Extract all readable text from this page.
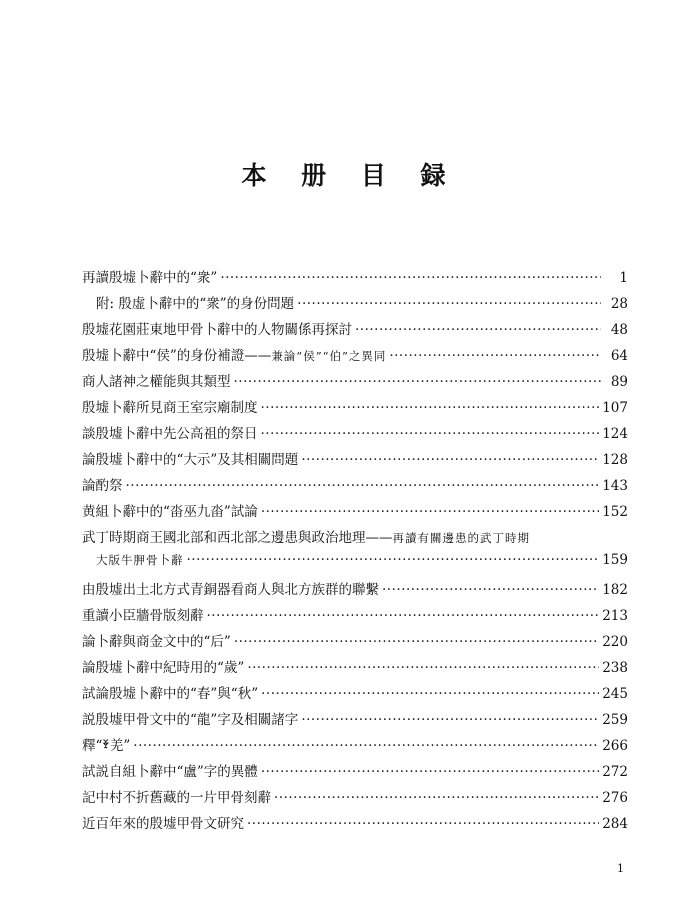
本 册 目 録
再讀殷墟卜辭中的“衆” ·····	1
附: 殷虚卜辭中的“衆”的身份問題 ·····	28
殷墟花園莊東地甲骨卜辭中的人物關係再探討 ·····	48
殷墟卜辭中“侯”的身份補證—— 兼論“侯”“伯”之異同 ·····	64
商人諸神之權能與其類型 ·····	89
殷墟卜辭所見商王室宗廟制度 ·····	107
談殷墟卜辭中先公高祖的祭日 ·····	124
論殷墟卜辭中的“大示”及其相關問題 ·····	128
論酌祭 ·····	143
黄組卜辭中的“畓巫九畓”試論 ·····	152
武丁時期商王國北部和西北部之邊患與政治地理—— 再讀有關邊患的武丁時期
大版牛胛骨卜辭 ·····	159
由殷墟出土北方式青銅器看商人與北方族群的聯繫 ·····	182
重讀小臣牆骨版刻辭 ·····	213
論卜辭與商金文中的“后” ·····	220
論殷墟卜辭中紀時用的“歲” ·····	238
試論殷墟卜辭中的“春”與“秋” ·····	245
説殷墟甲骨文中的“龍”字及相關諸字 ·····	259
釋“ 羌” ·····	266
試説自組卜辭中“盧”字的異體 ·····	272
記中村不折舊藏的一片甲骨刻辭 ·····	276
近百年來的殷墟甲骨文研究 ·····	284
1
